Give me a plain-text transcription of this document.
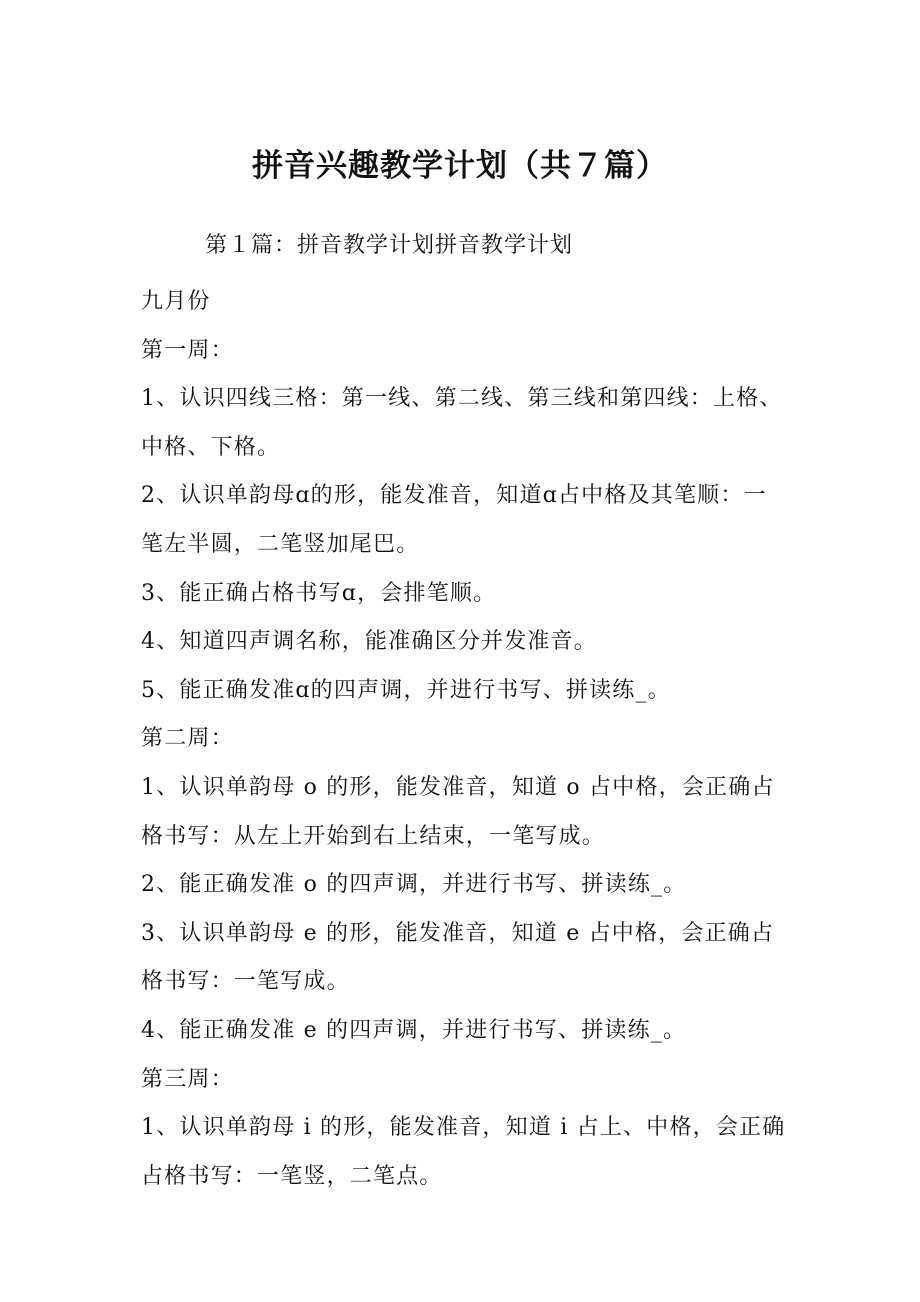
拼音兴趣教学计划（共７篇）
第１篇：拼音教学计划拼音教学计划

九月份

第一周：

1、认识四线三格：第一线、第二线、第三线和第四线：上格、中格、下格。

2、认识单韵母ɑ的形，能发准音，知道ɑ占中格及其笔顺：一笔左半圆，二笔竖加尾巴。

3、能正确占格书写ɑ，会排笔顺。

4、知道四声调名称，能准确区分并发准音。

5、能正确发准ɑ的四声调，并进行书写、拼读练_。

第二周：

1、认识单韵母 o 的形，能发准音，知道 o 占中格，会正确占格书写：从左上开始到右上结束，一笔写成。

2、能正确发准 o 的四声调，并进行书写、拼读练_。

3、认识单韵母 e 的形，能发准音，知道 e 占中格，会正确占格书写：一笔写成。

4、能正确发准 e 的四声调，并进行书写、拼读练_。

第三周：

1、认识单韵母 i 的形，能发准音，知道 i 占上、中格，会正确占格书写：一笔竖，二笔点。
